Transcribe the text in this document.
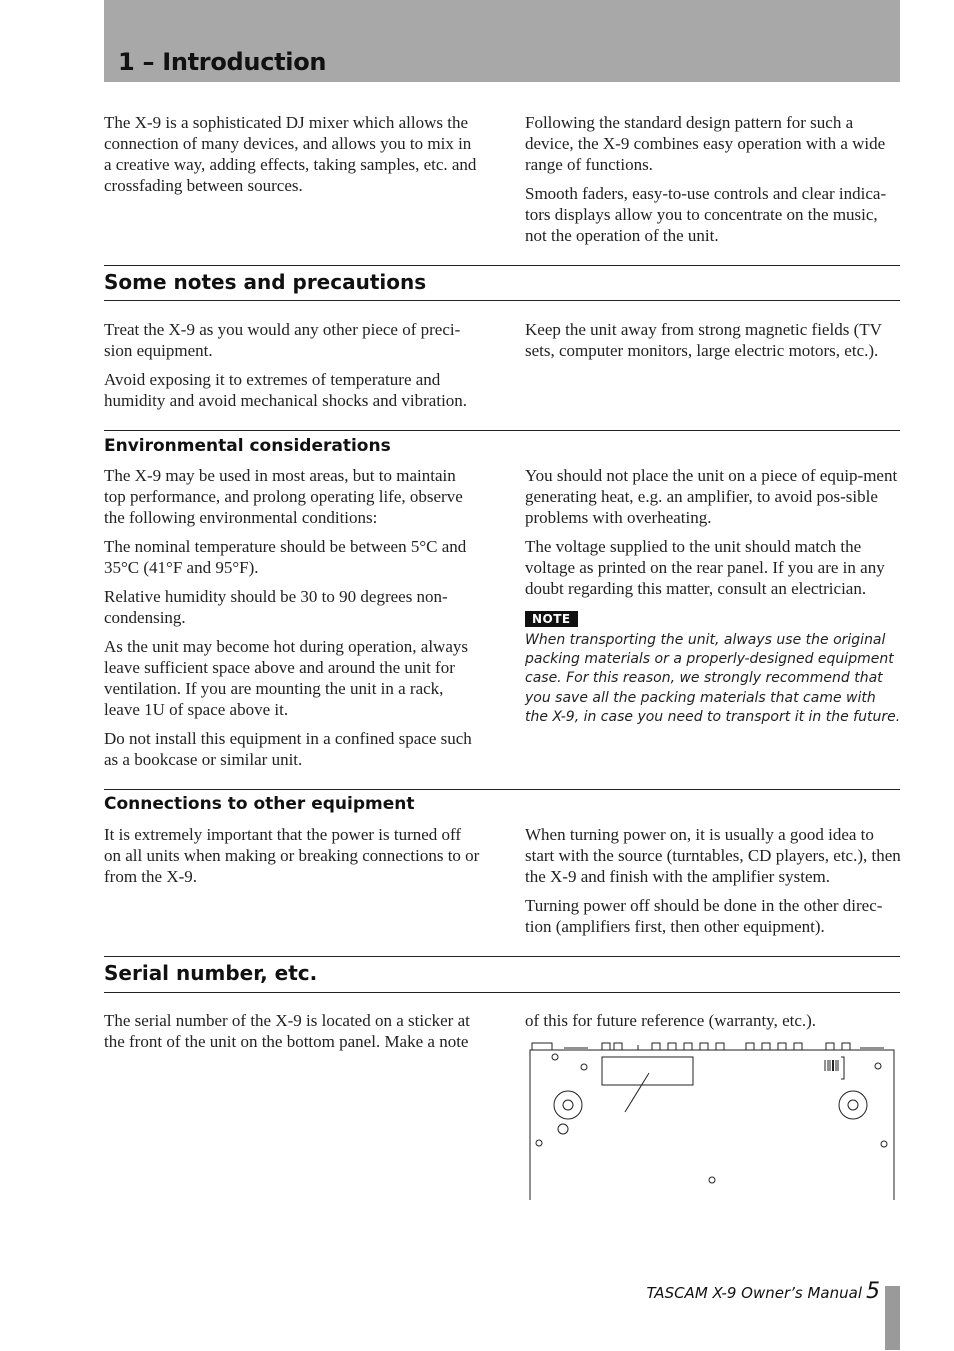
1 – Introduction

The X-9 is a sophisticated DJ mixer which allows the connection of many devices, and allows you to mix in a creative way, adding effects, taking samples, etc. and crossfading between sources.

Following the standard design pattern for such a device, the X-9 combines easy operation with a wide range of functions.

Smooth faders, easy-to-use controls and clear indica-tors displays allow you to concentrate on the music, not the operation of the unit.

Some notes and precautions

Treat the X-9 as you would any other piece of preci-sion equipment.

Avoid exposing it to extremes of temperature and humidity and avoid mechanical shocks and vibration.

Keep the unit away from strong magnetic fields (TV sets, computer monitors, large electric motors, etc.).

Environmental considerations

The X-9 may be used in most areas, but to maintain top performance, and prolong operating life, observe the following environmental conditions:

The nominal temperature should be between 5°C and 35°C (41°F and 95°F).

Relative humidity should be 30 to 90 degrees non-condensing.

As the unit may become hot during operation, always leave sufficient space above and around the unit for ventilation. If you are mounting the unit in a rack, leave 1U of space above it.

Do not install this equipment in a confined space such as a bookcase or similar unit.

You should not place the unit on a piece of equip-ment generating heat, e.g. an amplifier, to avoid pos-sible problems with overheating.

The voltage supplied to the unit should match the voltage as printed on the rear panel. If you are in any doubt regarding this matter, consult an electrician.

NOTE

When transporting the unit, always use the original packing materials or a properly-designed equipment case. For this reason, we strongly recommend that you save all the packing materials that came with the X-9, in case you need to transport it in the future.

Connections to other equipment

It is extremely important that the power is turned off on all units when making or breaking connections to or from the X-9.

When turning power on, it is usually a good idea to start with the source (turntables, CD players, etc.), then the X-9 and finish with the amplifier system.

Turning power off should be done in the other direc-tion (amplifiers first, then other equipment).

Serial number, etc.

The serial number of the X-9 is located on a sticker at the front of the unit on the bottom panel. Make a note

of this for future reference (warranty, etc.).

TASCAM X-9 Owner’s Manual 5
